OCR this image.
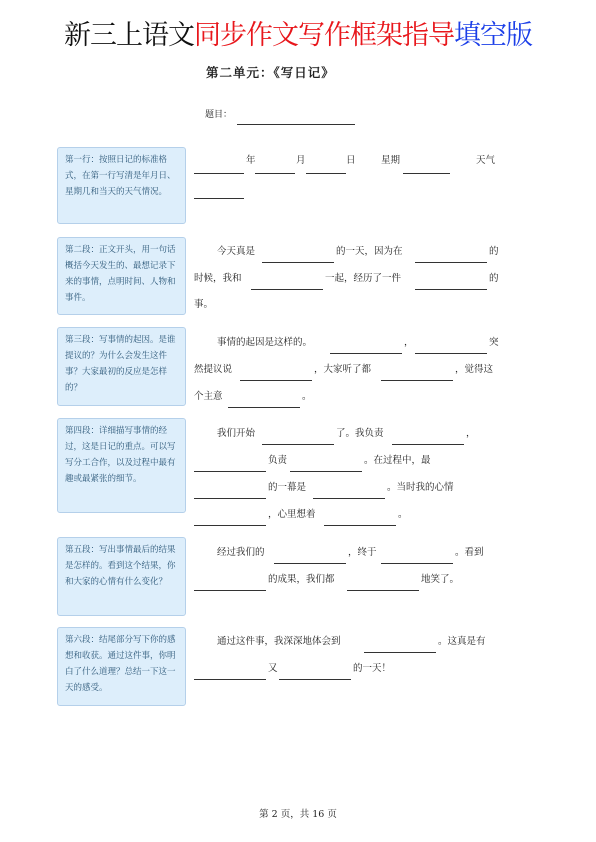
新三上语文同步作文写作框架指导填空版
第二单元：《写日记》
题目：
第一行：按照日记的标准格式，在第一行写清是年月日、星期几和当天的天气情况。
第二段：正文开头，用一句话概括今天发生的、最想记录下来的事情，点明时间、人物和事件。
第三段：写事情的起因。是谁提议的？为什么会发生这件事？大家最初的反应是怎样的？
第四段：详细描写事情的经过，这是日记的重点。可以写写分工合作，以及过程中最有趣或最紧张的细节。
第五段：写出事情最后的结果是怎样的。看到这个结果，你和大家的心情有什么变化？
第六段：结尾部分写下你的感想和收获。通过这件事，你明白了什么道理？总结一下这一天的感受。
年	月	日	星期	天气
今天真是	的一天，因为在	的
时候，我和	一起，经历了一件	的
事。
事情的起因是这样的。	，	突
然提议说	，大家听了都	，觉得这
个主意	。
我们开始	了。我负责	，
负责	。在过程中，最
的一幕是	。当时我的心情
，心里想着	。
经过我们的	，终于	。看到
的成果，我们都	地笑了。
通过这件事，我深深地体会到	。这真是有
又	的一天！
第 2 页，共 16 页
